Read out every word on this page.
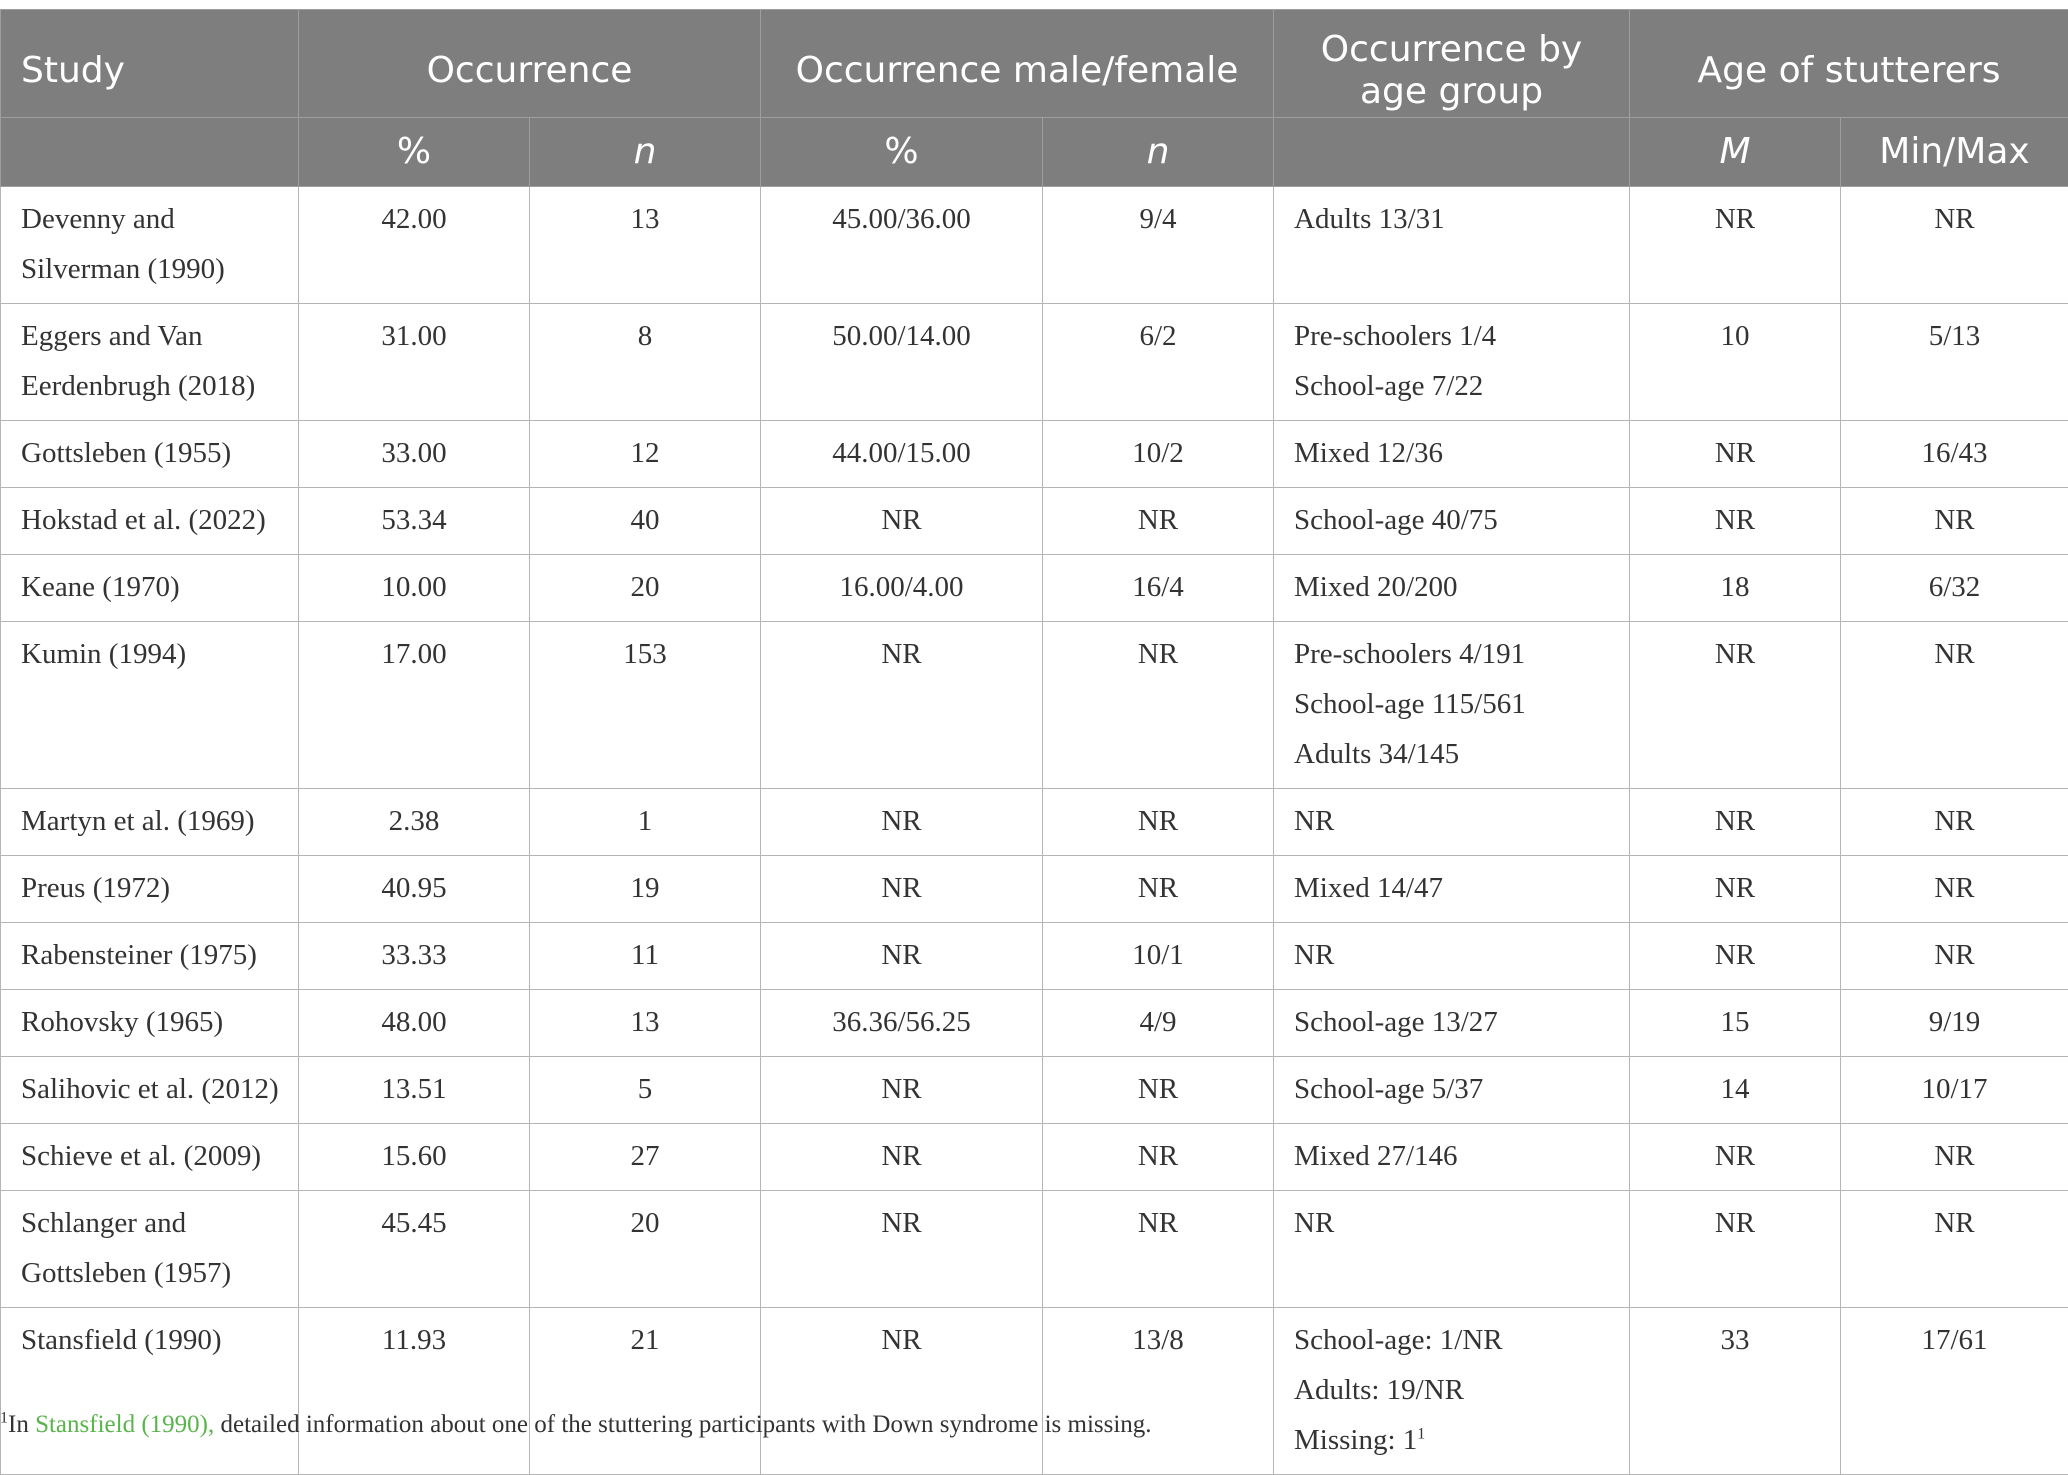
Study	Occurrence		Occurrence male/female		Occurrence by
age group	Age of stutterers	
	%	n	%	n		M	Min/Max

Devenny and
Silverman (1990)	42.00	13	45.00/36.00	9/4	Adults 13/31	NR	NR

Eggers and Van
Eerdenbrugh (2018)	31.00	8	50.00/14.00	6/2	Pre-schoolers 1/4
School-age 7/22	10	5/13

Gottsleben (1955)	33.00	12	44.00/15.00	10/2	Mixed 12/36	NR	16/43

Hokstad et al. (2022)	53.34	40	NR	NR	School-age 40/75	NR	NR

Keane (1970)	10.00	20	16.00/4.00	16/4	Mixed 20/200	18	6/32

Kumin (1994)	17.00	153	NR	NR	Pre-schoolers 4/191
School-age 115/561
Adults 34/145	NR	NR

Martyn et al. (1969)	2.38	1	NR	NR	NR	NR	NR

Preus (1972)	40.95	19	NR	NR	Mixed 14/47	NR	NR

Rabensteiner (1975)	33.33	11	NR	10/1	NR	NR	NR

Rohovsky (1965)	48.00	13	36.36/56.25	4/9	School-age 13/27	15	9/19

Salihovic et al. (2012)	13.51	5	NR	NR	School-age 5/37	14	10/17

Schieve et al. (2009)	15.60	27	NR	NR	Mixed 27/146	NR	NR

Schlanger and
Gottsleben (1957)	45.45	20	NR	NR	NR	NR	NR

Stansfield (1990)	11.93	21	NR	13/8	School-age: 1/NR
Adults: 19/NR
Missing: $1^1$	33	17/61
$^1$In Stansfield (1990), detailed information about one of the stuttering participants with Down syndrome is missing.
